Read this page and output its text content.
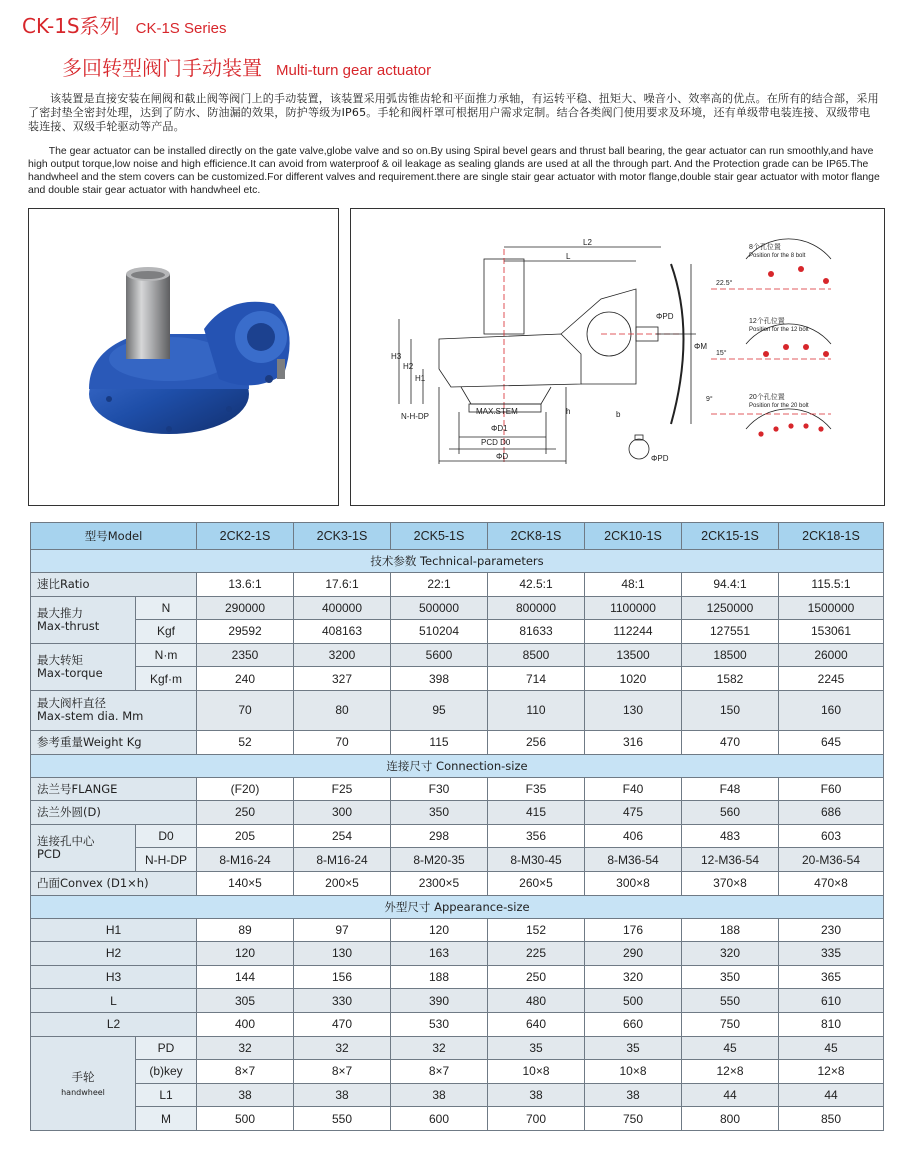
CK-1S系列 CK-1S Series
多回转型阀门手动装置 Multi-turn gear actuator

该装置是直接安装在闸阀和截止阀等阀门上的手动装置，该装置采用弧齿锥齿轮和平面推力承轴，有运转平稳、扭矩大、噪音小、效率高的优点。在所有的结合部，采用了密封垫全密封处理，达到了防水、防油漏的效果，防护等级为IP65。手轮和阀杆罩可根据用户需求定制。结合各类阀门使用要求及环境，还有单级带电装连接、双级带电装连接、双级手轮驱动等产品。

The gear actuator can be installed directly on the gate valve,globe valve and so on.By using Spiral bevel gears and thrust ball bearing, the gear actuator can run smoothly,and have high output torque,low noise and high efficience.It can avoid from waterproof & oil leakage as sealing glands are used at all the through part. And the Protection grade can be IP65.The handwheel and the stem covers can be customized.For different valves and requirement.there are single stair gear actuator with motor flange,double stair gear actuator with motor flange and double stair gear actuator with handwheel etc.

L2
L
H3
H2
H1
N-H-DP
MAX.STEM
ΦD1
PCD D0
ΦD
ΦPD
ΦM
b
h
ΦPD
8个孔位置
Position for the 8 bolt
22.5°
12个孔位置
Position for the 12 bolt
15°
20个孔位置
Position for the 20 bolt
9°
型号Model		2CK2-1S	2CK3-1S	2CK5-1S	2CK8-1S	2CK10-1S	2CK15-1S	2CK18-1S
技术参数 Technical-parameters								
速比Ratio		13.6:1	17.6:1	22:1	42.5:1	48:1	94.4:1	115.5:1
最大推力
Max-thrust	N	290000	400000	500000	800000	1100000	1250000	1500000
	Kgf	29592	408163	510204	81633	112244	127551	153061
最大转矩
Max-torque	N·m	2350	3200	5600	8500	13500	18500	26000
	Kgf·m	240	327	398	714	1020	1582	2245
最大阀杆直径
Max-stem dia. Mm		70	80	95	110	130	150	160
参考重量Weight Kg		52	70	115	256	316	470	645
连接尺寸 Connection-size								
法兰号FLANGE		(F20)	F25	F30	F35	F40	F48	F60
法兰外圆(D)		250	300	350	415	475	560	686
连接孔中心
PCD	D0	205	254	298	356	406	483	603
	N-H-DP	8-M16-24	8-M16-24	8-M20-35	8-M30-45	8-M36-54	12-M36-54	20-M36-54
凸面Convex (D1×h)		140×5	200×5	2300×5	260×5	300×8	370×8	470×8
外型尺寸 Appearance-size								
H1		89	97	120	152	176	188	230
H2		120	130	163	225	290	320	335
H3		144	156	188	250	320	350	365
L		305	330	390	480	500	550	610
L2		400	470	530	640	660	750	810
手轮
handwheel	PD	32	32	32	35	35	45	45
	(b)key	8×7	8×7	8×7	10×8	10×8	12×8	12×8
	L1	38	38	38	38	38	44	44
	M	500	550	600	700	750	800	850
